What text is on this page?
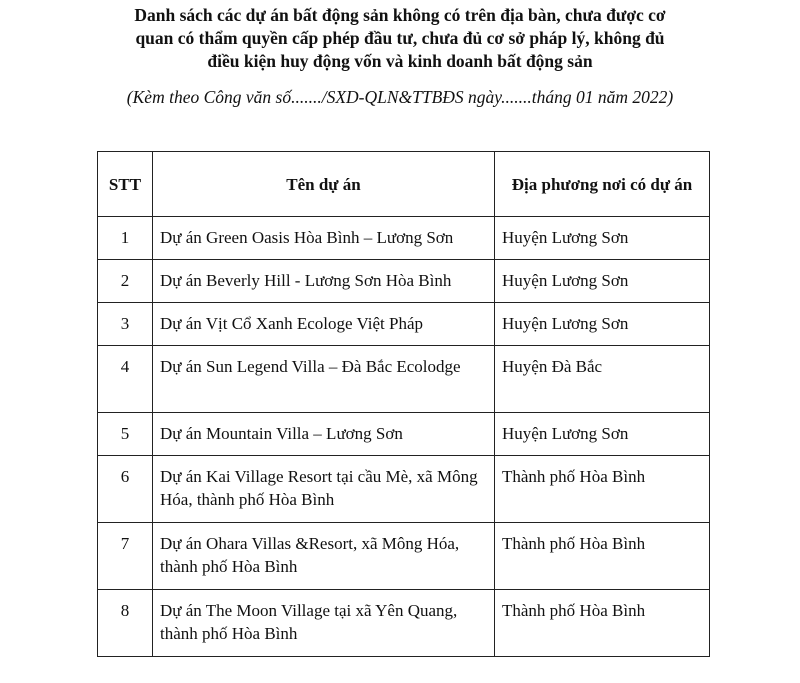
Danh sách các dự án bất động sản không có trên địa bàn, chưa được cơ
quan có thẩm quyền cấp phép đầu tư, chưa đủ cơ sở pháp lý, không đủ
điều kiện huy động vốn và kinh doanh bất động sản
(Kèm theo Công văn số......./SXD-QLN&TTBĐS ngày.......tháng 01 năm 2022)
STT	Tên dự án	Địa phương nơi có dự án
1	Dự án Green Oasis Hòa Bình – Lương Sơn	Huyện Lương Sơn
2	Dự án Beverly Hill - Lương Sơn Hòa Bình	Huyện Lương Sơn
3	Dự án Vịt Cổ Xanh Ecologe Việt Pháp	Huyện Lương Sơn
4	Dự án Sun Legend Villa – Đà Bắc Ecolodge	Huyện Đà Bắc
5	Dự án Mountain Villa – Lương Sơn	Huyện Lương Sơn
6	Dự án Kai Village Resort tại cầu Mè, xã Mông Hóa, thành phố Hòa Bình	Thành phố Hòa Bình
7	Dự án Ohara Villas &Resort, xã Mông Hóa, thành phố Hòa Bình	Thành phố Hòa Bình
8	Dự án The Moon Village tại xã Yên Quang, thành phố Hòa Bình	Thành phố Hòa Bình
